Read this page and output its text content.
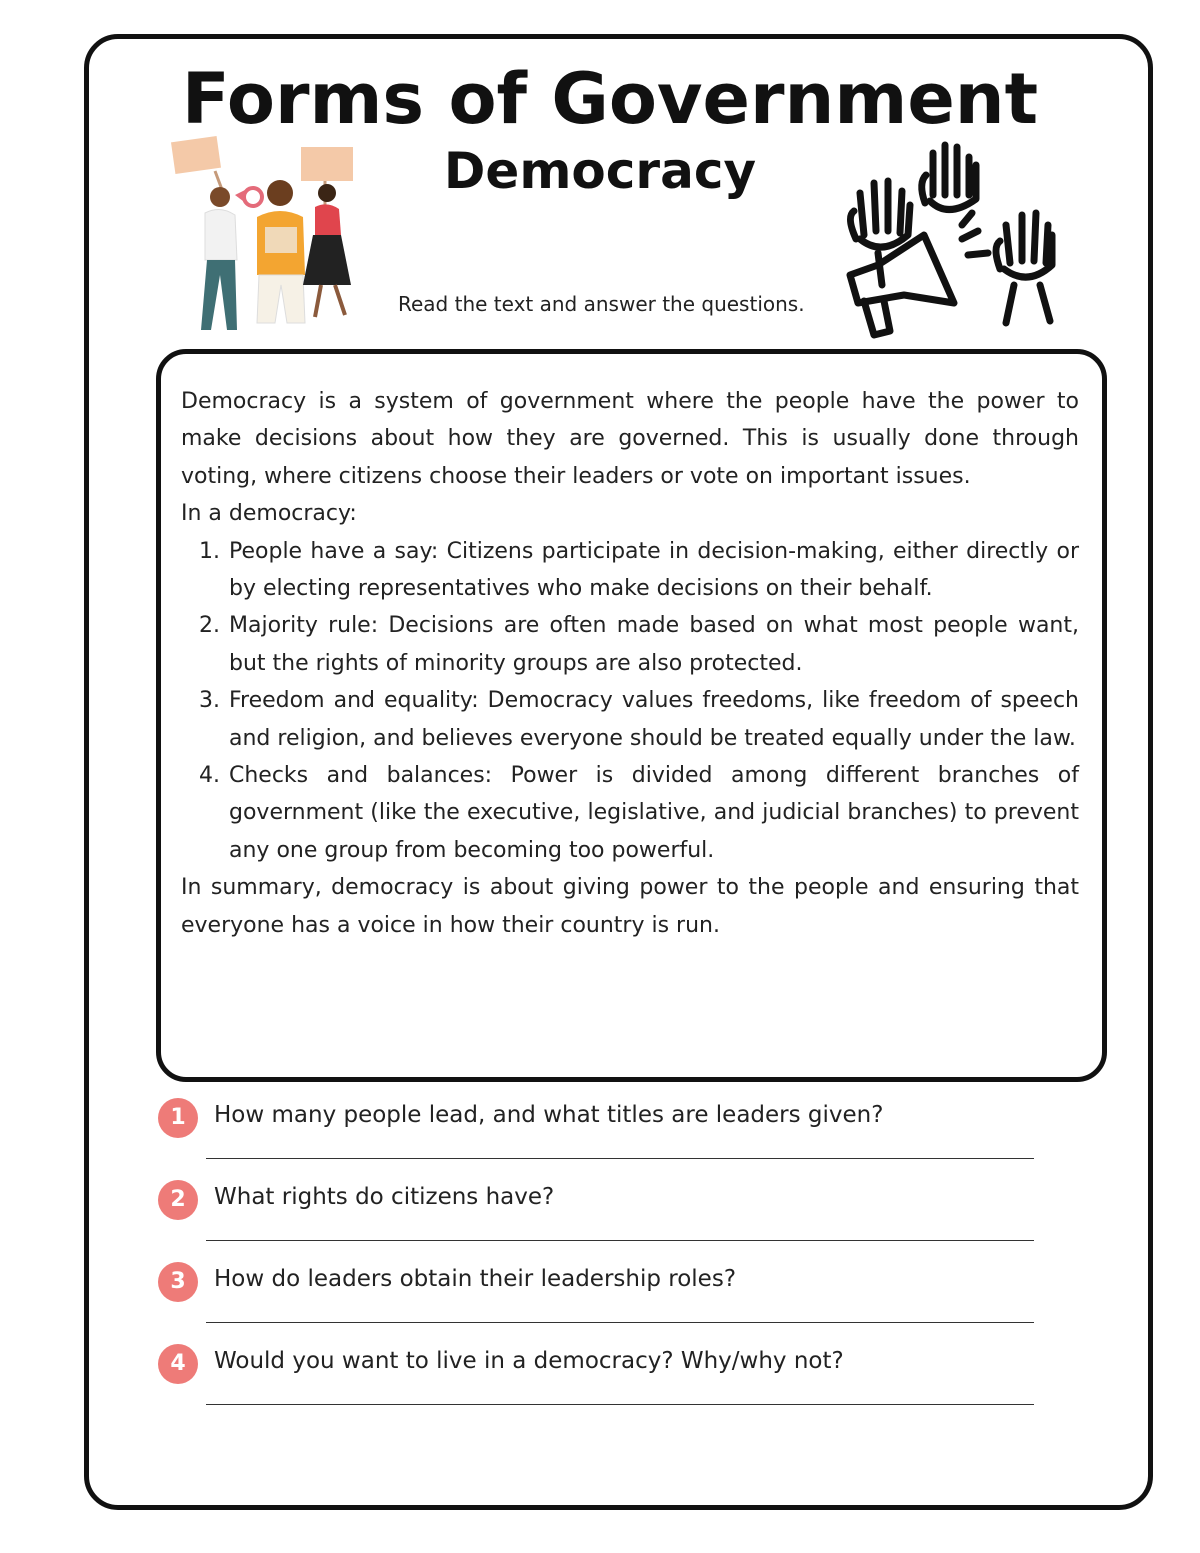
Forms of Government
Democracy
Read the text and answer the questions.

Democracy is a system of government where the people have the power to make decisions about how they are governed. This is usually done through voting, where citizens choose their leaders or vote on important issues.

In a democracy:

1. People have a say: Citizens participate in decision-making, either directly or by electing representatives who make decisions on their behalf.
2. Majority rule: Decisions are often made based on what most people want, but the rights of minority groups are also protected.
3. Freedom and equality: Democracy values freedoms, like freedom of speech and religion, and believes everyone should be treated equally under the law.
4. Checks and balances: Power is divided among different branches of government (like the executive, legislative, and judicial branches) to prevent any one group from becoming too powerful.

In summary, democracy is about giving power to the people and ensuring that everyone has a voice in how their country is run.

1	How many people lead, and what titles are leaders given?
2	What rights do citizens have?
3	How do leaders obtain their leadership roles?
4	Would you want to live in a democracy? Why/why not?
